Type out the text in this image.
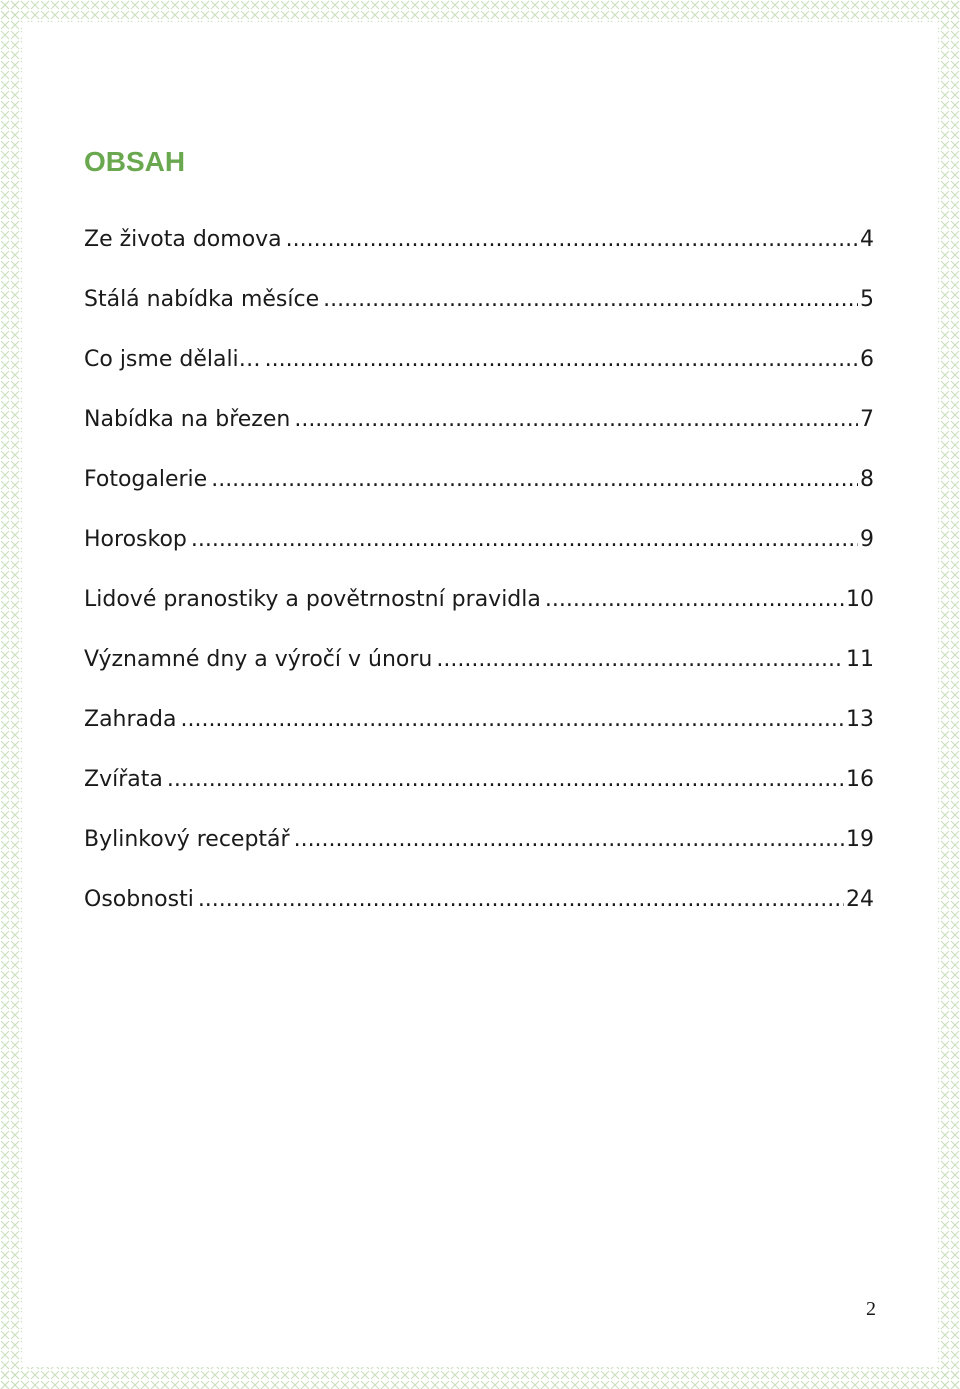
OBSAH
Ze života domova .....	4
Stálá nabídka měsíce .....	5
Co jsme dělali… .....	6
Nabídka na březen .....	7
Fotogalerie .....	8
Horoskop .....	9
Lidové pranostiky a povětrnostní pravidla .....	10
Významné dny a výročí v únoru .....	11
Zahrada .....	13
Zvířata .....	16
Bylinkový receptář .....	19
Osobnosti .....	24
2
